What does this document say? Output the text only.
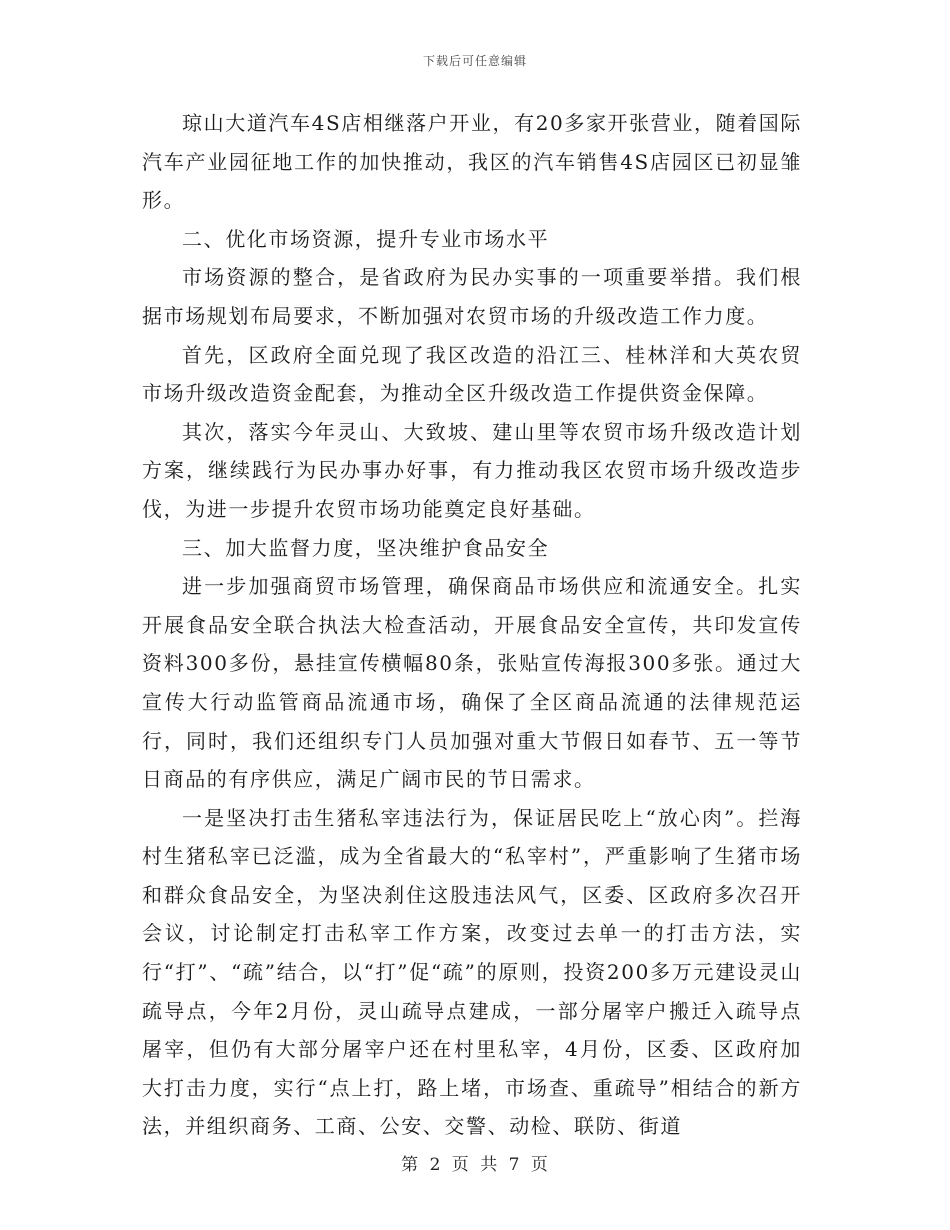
下载后可任意编辑

琼山大道汽车4S店相继落户开业，有20多家开张营业，随着国际汽车产业园征地工作的加快推动，我区的汽车销售4S店园区已初显雏形。

二、优化市场资源，提升专业市场水平

市场资源的整合，是省政府为民办实事的一项重要举措。我们根据市场规划布局要求，不断加强对农贸市场的升级改造工作力度。

首先，区政府全面兑现了我区改造的沿江三、桂林洋和大英农贸市场升级改造资金配套，为推动全区升级改造工作提供资金保障。

其次，落实今年灵山、大致坡、建山里等农贸市场升级改造计划方案，继续践行为民办事办好事，有力推动我区农贸市场升级改造步伐，为进一步提升农贸市场功能奠定良好基础。

三、加大监督力度，坚决维护食品安全

进一步加强商贸市场管理，确保商品市场供应和流通安全。扎实开展食品安全联合执法大检查活动，开展食品安全宣传，共印发宣传资料300多份，悬挂宣传横幅80条，张贴宣传海报300多张。通过大宣传大行动监管商品流通市场，确保了全区商品流通的法律规范运行，同时，我们还组织专门人员加强对重大节假日如春节、五一等节日商品的有序供应，满足广阔市民的节日需求。

一是坚决打击生猪私宰违法行为，保证居民吃上“放心肉”。拦海村生猪私宰已泛滥，成为全省最大的“私宰村”，严重影响了生猪市场和群众食品安全，为坚决刹住这股违法风气，区委、区政府多次召开会议，讨论制定打击私宰工作方案，改变过去单一的打击方法，实行“打”、“疏”结合，以“打”促“疏”的原则，投资200多万元建设灵山疏导点，今年2月份，灵山疏导点建成，一部分屠宰户搬迁入疏导点屠宰，但仍有大部分屠宰户还在村里私宰，4月份，区委、区政府加大打击力度，实行“点上打，路上堵，市场查、重疏导”相结合的新方法，并组织商务、工商、公安、交警、动检、联防、街道

第 2 页 共 7 页
